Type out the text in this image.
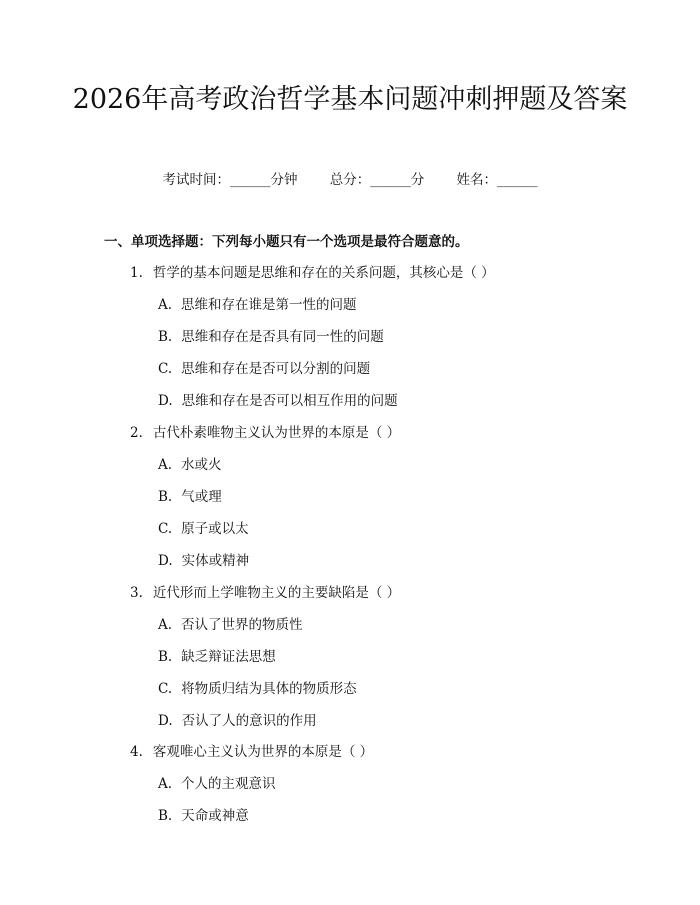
2026年高考政治哲学基本问题冲刺押题及答案
考试时间：______分钟 总分：______分 姓名：______
一、单项选择题：下列每小题只有一个选项是最符合题意的。
1. 哲学的基本问题是思维和存在的关系问题，其核心是（ ）
A. 思维和存在谁是第一性的问题
B. 思维和存在是否具有同一性的问题
C. 思维和存在是否可以分割的问题
D. 思维和存在是否可以相互作用的问题
2. 古代朴素唯物主义认为世界的本原是（ ）
A. 水或火
B. 气或理
C. 原子或以太
D. 实体或精神
3. 近代形而上学唯物主义的主要缺陷是（ ）
A. 否认了世界的物质性
B. 缺乏辩证法思想
C. 将物质归结为具体的物质形态
D. 否认了人的意识的作用
4. 客观唯心主义认为世界的本原是（ ）
A. 个人的主观意识
B. 天命或神意
